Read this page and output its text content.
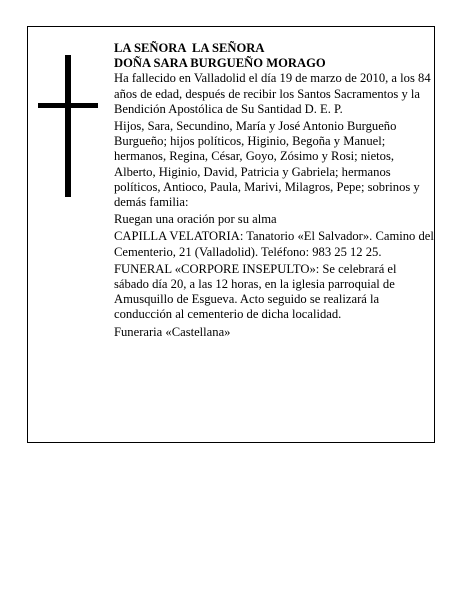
LA SEÑORA  LA SEÑORA

DOÑA SARA BURGUEÑO MORAGO

Ha fallecido en Valladolid el día 19 de marzo de 2010, a los 84 años de edad, después de recibir los Santos Sacramentos y la Bendición Apostólica de Su Santidad D. E. P.

Hijos, Sara, Secundino, María y José Antonio Burgueño Burgueño; hijos políticos, Higinio, Begoña y Manuel; hermanos, Regina, César, Goyo, Zósimo y Rosi; nietos, Alberto, Higinio, David, Patricia y Gabriela; hermanos políticos, Antioco, Paula, Marivi, Milagros, Pepe; sobrinos y demás familia:

Ruegan una oración por su alma

CAPILLA VELATORIA: Tanatorio «El Salvador». Camino del Cementerio, 21 (Valladolid). Teléfono: 983 25 12 25.

FUNERAL «CORPORE INSEPULTO»: Se celebrará el sábado día 20, a las 12 horas, en la iglesia parroquial de Amusquillo de Esgueva. Acto seguido se realizará la conducción al cementerio de dicha localidad.

Funeraria «Castellana»
